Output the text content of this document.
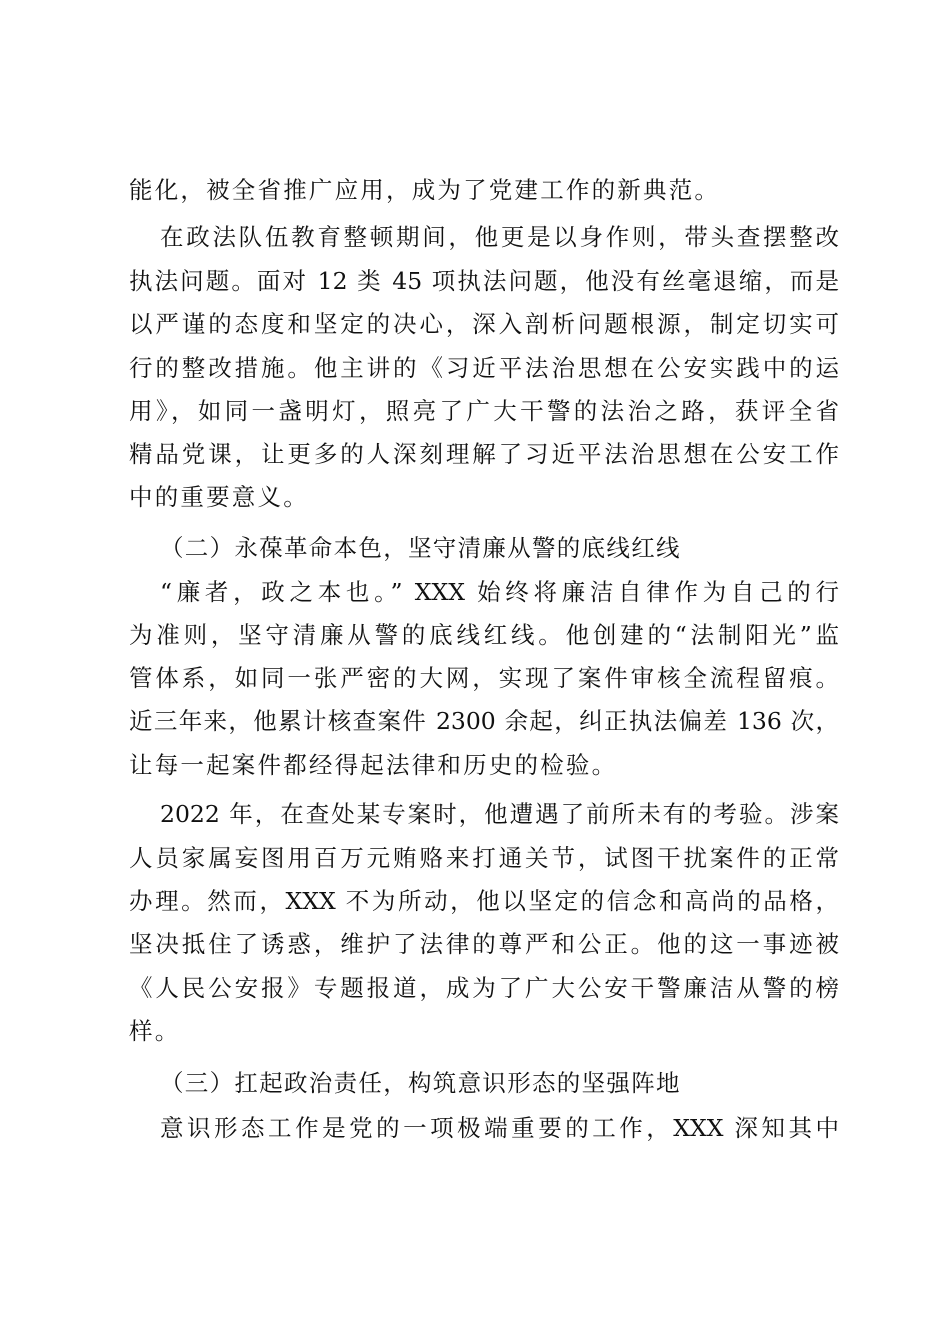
能化，被全省推广应用，成为了党建工作的新典范。
在政法队伍教育整顿期间，他更是以身作则，带头查摆整改
执法问题。面对 12 类 45 项执法问题，他没有丝毫退缩，而是
以严谨的态度和坚定的决心，深入剖析问题根源，制定切实可
行的整改措施。他主讲的《习近平法治思想在公安实践中的运
用》，如同一盏明灯，照亮了广大干警的法治之路，获评全省
精品党课，让更多的人深刻理解了习近平法治思想在公安工作
中的重要意义。
（二）永葆革命本色，坚守清廉从警的底线红线
“廉者，政之本也。” XXX 始终将廉洁自律作为自己的行
为准则，坚守清廉从警的底线红线。他创建的“法制阳光”监
管体系，如同一张严密的大网，实现了案件审核全流程留痕。
近三年来，他累计核查案件 2300 余起，纠正执法偏差 136 次，
让每一起案件都经得起法律和历史的检验。
2022 年，在查处某专案时，他遭遇了前所未有的考验。涉案
人员家属妄图用百万元贿赂来打通关节，试图干扰案件的正常
办理。然而，XXX 不为所动，他以坚定的信念和高尚的品格，
坚决抵住了诱惑，维护了法律的尊严和公正。他的这一事迹被
《人民公安报》专题报道，成为了广大公安干警廉洁从警的榜
样。
（三）扛起政治责任，构筑意识形态的坚强阵地
意识形态工作是党的一项极端重要的工作，XXX 深知其中
